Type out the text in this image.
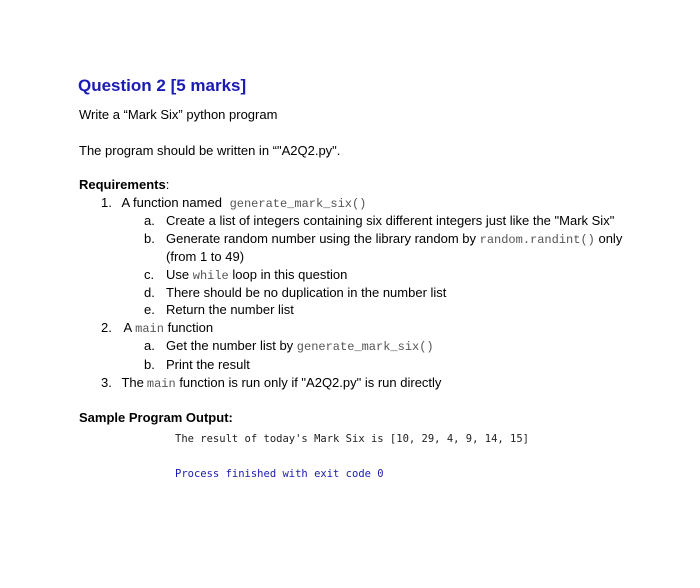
Question 2 [5 marks]
Write a “Mark Six” python program
The program should be written in “"A2Q2.py".
Requirements:
1. A function named generate_mark_six()
a. Create a list of integers containing six different integers just like the "Mark Six"
b. Generate random number using the library random by random.randint() only
(from 1 to 49)
c. Use while loop in this question
d. There should be no duplication in the number list
e. Return the number list
2. A main function
a. Get the number list by generate_mark_six()
b. Print the result
3. The main function is run only if "A2Q2.py" is run directly
Sample Program Output:
The result of today's Mark Six is [10, 29, 4, 9, 14, 15]
Process finished with exit code 0
